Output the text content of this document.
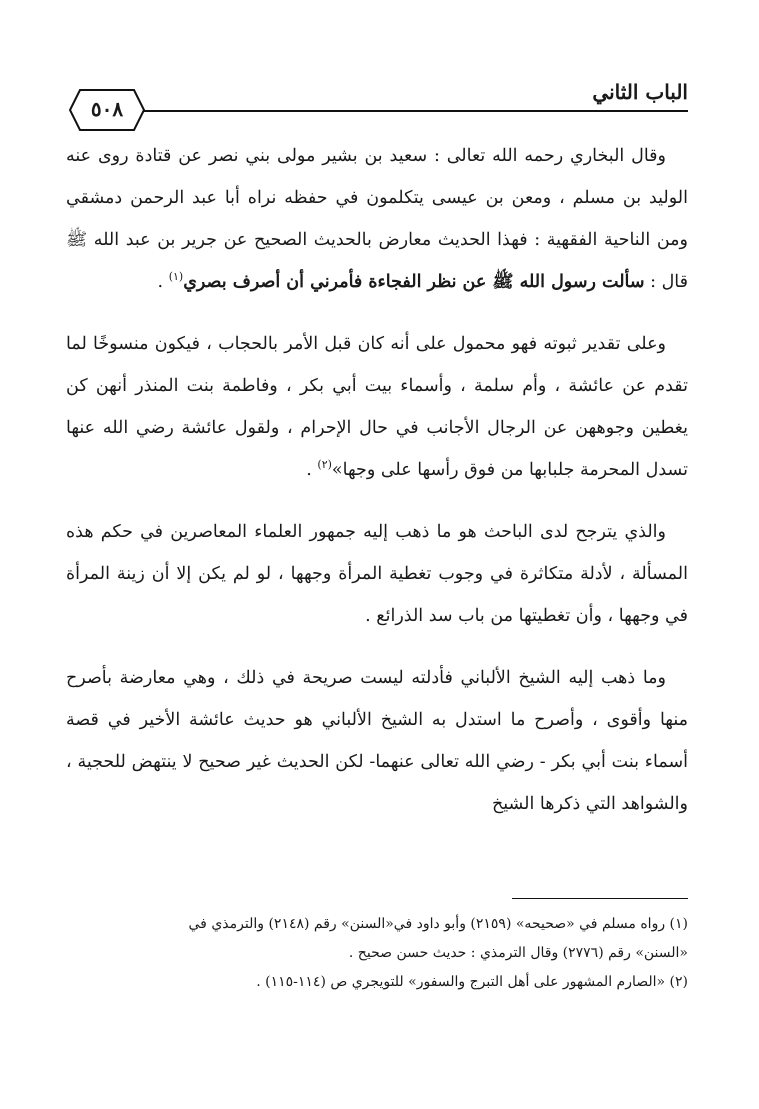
الباب الثاني
٥٠٨

وقال البخاري رحمه الله تعالى : سعيد بن بشير مولى بني نصر عن قتادة روى عنه الوليد بن مسلم ، ومعن بن عيسى يتكلمون في حفظه نراه أبا عبد الرحمن دمشقي ومن الناحية الفقهية : فهذا الحديث معارض بالحديث الصحيح عن جرير بن عبد الله ﷺ قال : سألت رسول الله ﷺ عن نظر الفجاءة فأمرني أن أصرف بصري$^{(١)}$ .

وعلى تقدير ثبوته فهو محمول على أنه كان قبل الأمر بالحجاب ، فيكون منسوخًا لما تقدم عن عائشة ، وأم سلمة ، وأسماء بيت أبي بكر ، وفاطمة بنت المنذر أنهن كن يغطين وجوههن عن الرجال الأجانب في حال الإحرام ، ولقول عائشة رضي الله عنها تسدل المحرمة جلبابها من فوق رأسها على وجها»$^{(٢)}$ .

والذي يترجح لدى الباحث هو ما ذهب إليه جمهور العلماء المعاصرين في حكم هذه المسألة ، لأدلة متكاثرة في وجوب تغطية المرأة وجهها ، لو لم يكن إلا أن زينة المرأة في وجهها ، وأن تغطيتها من باب سد الذرائع .

وما ذهب إليه الشيخ الألباني فأدلته ليست صريحة في ذلك ، وهي معارضة بأصرح منها وأقوى ، وأصرح ما استدل به الشيخ الألباني هو حديث عائشة الأخير في قصة أسماء بنت أبي بكر - رضي الله تعالى عنهما- لكن الحديث غير صحيح لا ينتهض للحجية ، والشواهد التي ذكرها الشيخ

(١) رواه مسلم في «صحيحه» (٢١٥٩) وأبو داود في«السنن» رقم (٢١٤٨) والترمذي في

«السنن» رقم (٢٧٧٦) وقال الترمذي : حديث حسن صحيح .

(٢) «الصارم المشهور على أهل التبرج والسفور» للتويجري ص (١١٤-١١٥) .
